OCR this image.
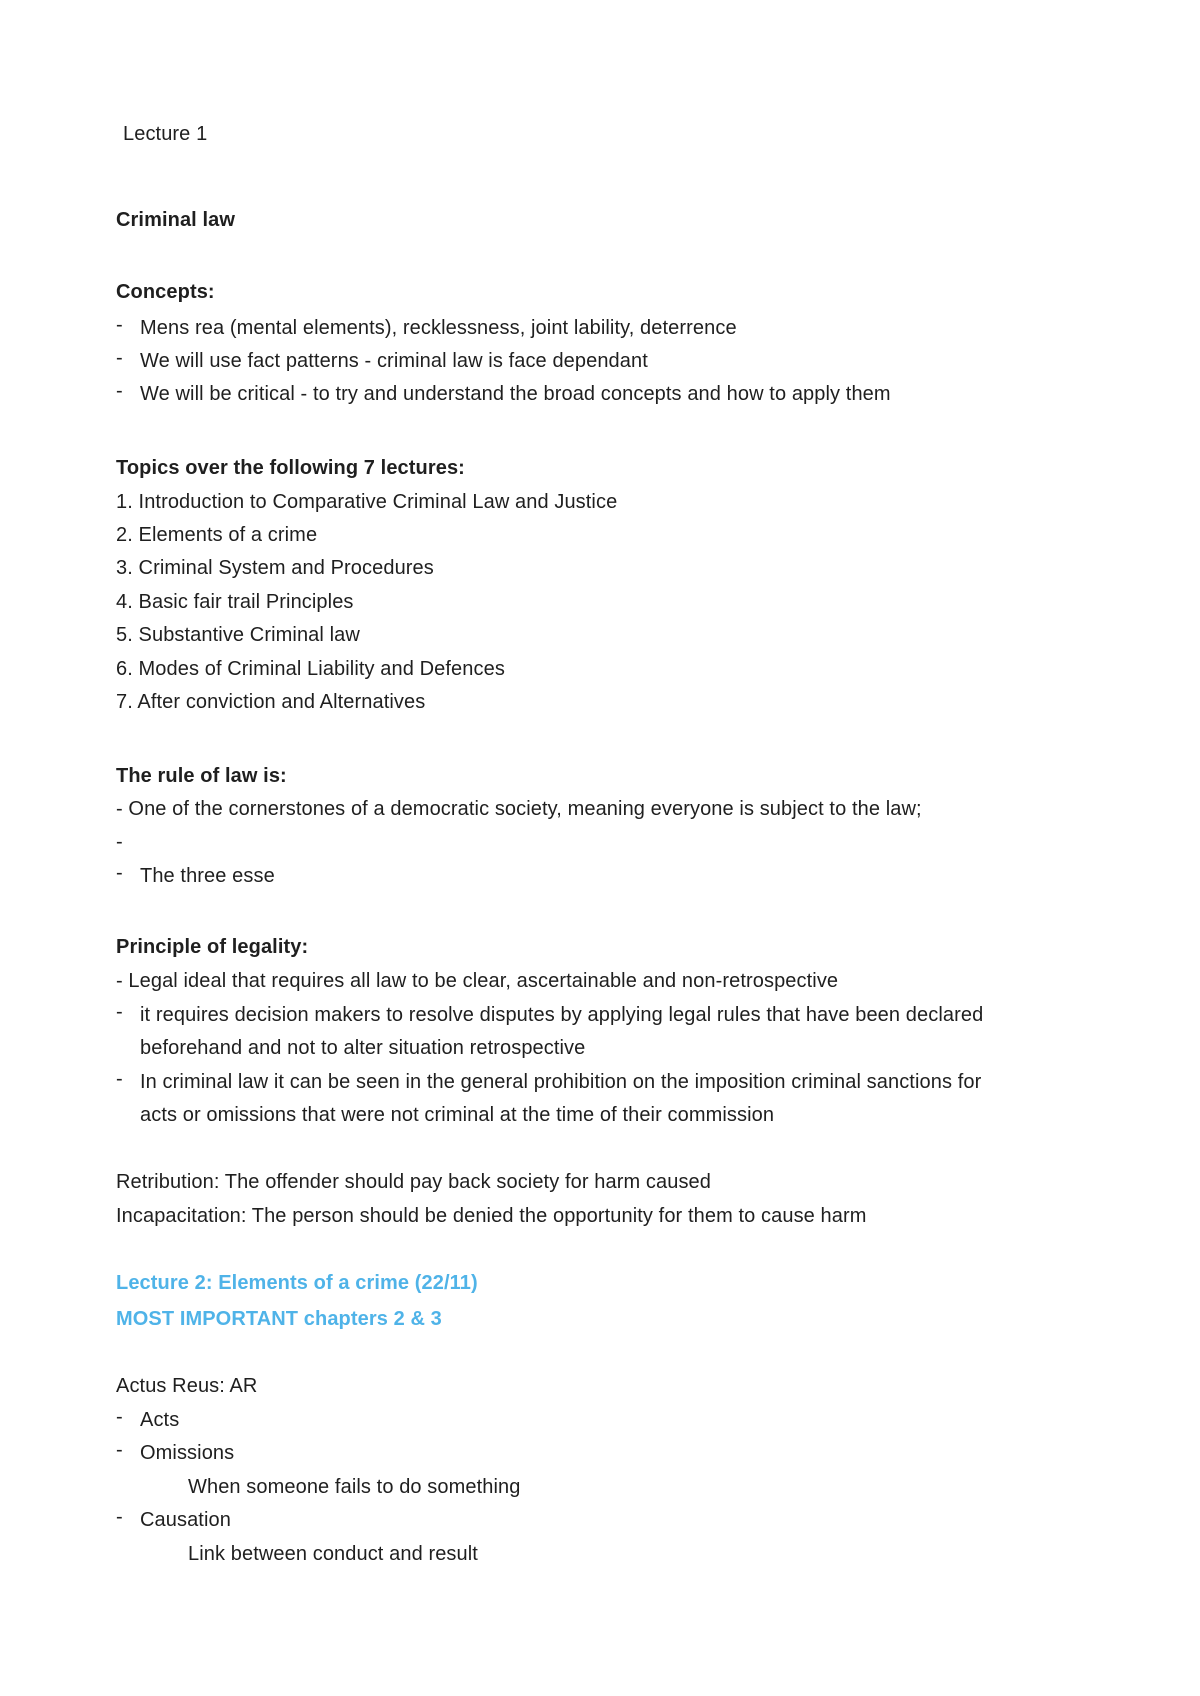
Lecture 1
Criminal law
Concepts:
- Mens rea (mental elements), recklessness, joint lability, deterrence
- We will use fact patterns - criminal law is face dependant
- We will be critical - to try and understand the broad concepts and how to apply them
Topics over the following 7 lectures:
1. Introduction to Comparative Criminal Law and Justice
2. Elements of a crime
3. Criminal System and Procedures
4. Basic fair trail Principles
5. Substantive Criminal law
6. Modes of Criminal Liability and Defences
7. After conviction and Alternatives
The rule of law is:
- One of the cornerstones of a democratic society, meaning everyone is subject to the law;
-
- The three esse
Principle of legality:
- Legal ideal that requires all law to be clear, ascertainable and non-retrospective
- it requires decision makers to resolve disputes by applying legal rules that have been declared
beforehand and not to alter situation retrospective
- In criminal law it can be seen in the general prohibition on the imposition criminal sanctions for
acts or omissions that were not criminal at the time of their commission
Retribution: The offender should pay back society for harm caused
Incapacitation: The person should be denied the opportunity for them to cause harm
Lecture 2: Elements of a crime (22/11)
MOST IMPORTANT chapters 2 & 3
Actus Reus: AR
- Acts
- Omissions
When someone fails to do something
- Causation
Link between conduct and result
